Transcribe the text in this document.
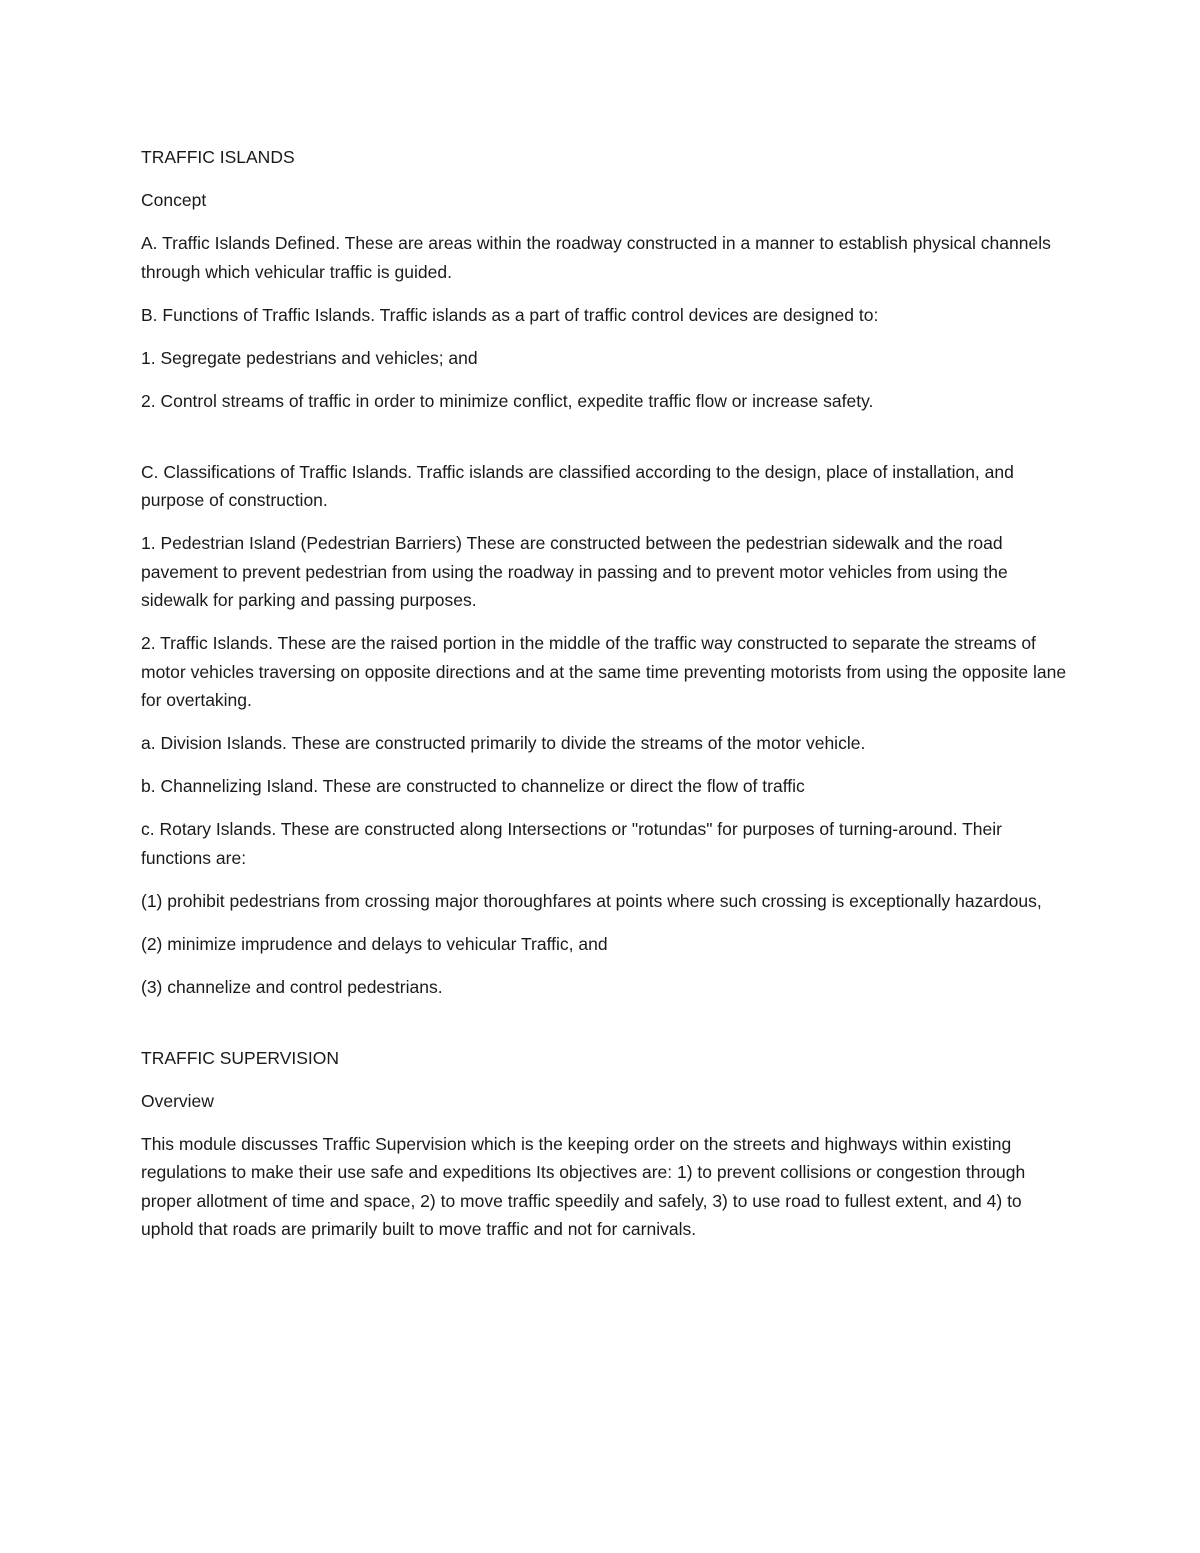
TRAFFIC ISLANDS

Concept

A. Traffic Islands Defined. These are areas within the roadway constructed in a manner to establish physical channels through which vehicular traffic is guided.

B. Functions of Traffic Islands. Traffic islands as a part of traffic control devices are designed to:

1. Segregate pedestrians and vehicles; and

2. Control streams of traffic in order to minimize conflict, expedite traffic flow or increase safety.

C. Classifications of Traffic Islands. Traffic islands are classified according to the design, place of installation, and purpose of construction.

1. Pedestrian Island (Pedestrian Barriers) These are constructed between the pedestrian sidewalk and the road pavement to prevent pedestrian from using the roadway in passing and to prevent motor vehicles from using the sidewalk for parking and passing purposes.

2. Traffic Islands. These are the raised portion in the middle of the traffic way constructed to separate the streams of motor vehicles traversing on opposite directions and at the same time preventing motorists from using the opposite lane for overtaking.

a. Division Islands. These are constructed primarily to divide the streams of the motor vehicle.

b. Channelizing Island. These are constructed to channelize or direct the flow of traffic

c. Rotary Islands. These are constructed along Intersections or "rotundas" for purposes of turning-around. Their functions are:

(1) prohibit pedestrians from crossing major thoroughfares at points where such crossing is exceptionally hazardous,

(2) minimize imprudence and delays to vehicular Traffic, and

(3) channelize and control pedestrians.

TRAFFIC SUPERVISION

Overview

This module discusses Traffic Supervision which is the keeping order on the streets and highways within existing regulations to make their use safe and expeditions Its objectives are: 1) to prevent collisions or congestion through proper allotment of time and space, 2) to move traffic speedily and safely, 3) to use road to fullest extent, and 4) to uphold that roads are primarily built to move traffic and not for carnivals.
